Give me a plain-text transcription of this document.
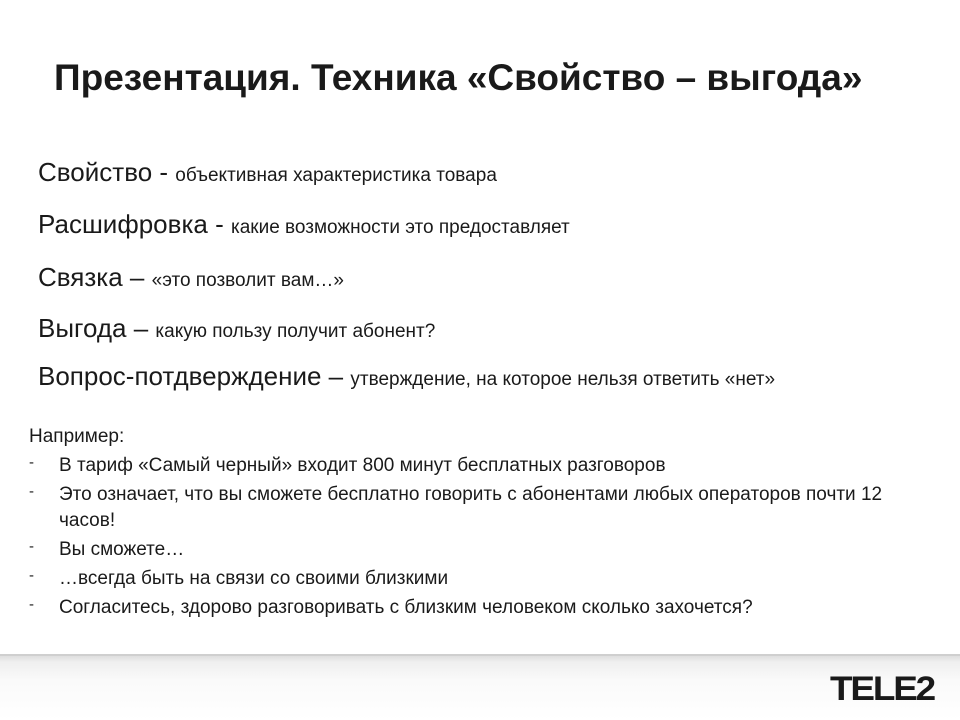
Презентация. Техника «Свойство – выгода»
Свойство - объективная характеристика товара
Расшифровка - какие возможности это предоставляет
Связка – «это позволит вам…»
Выгода – какую пользу получит абонент?
Вопрос-потдверждение – утверждение, на которое нельзя ответить «нет»
Например:
- В тариф «Самый черный» входит 800 минут бесплатных разговоров
- Это означает, что вы сможете бесплатно говорить с абонентами любых операторов почти 12 часов!
- Вы сможете…
- …всегда быть на связи со своими близкими
- Согласитесь, здорово разговоривать с близким человеком сколько захочется?
TELE2
